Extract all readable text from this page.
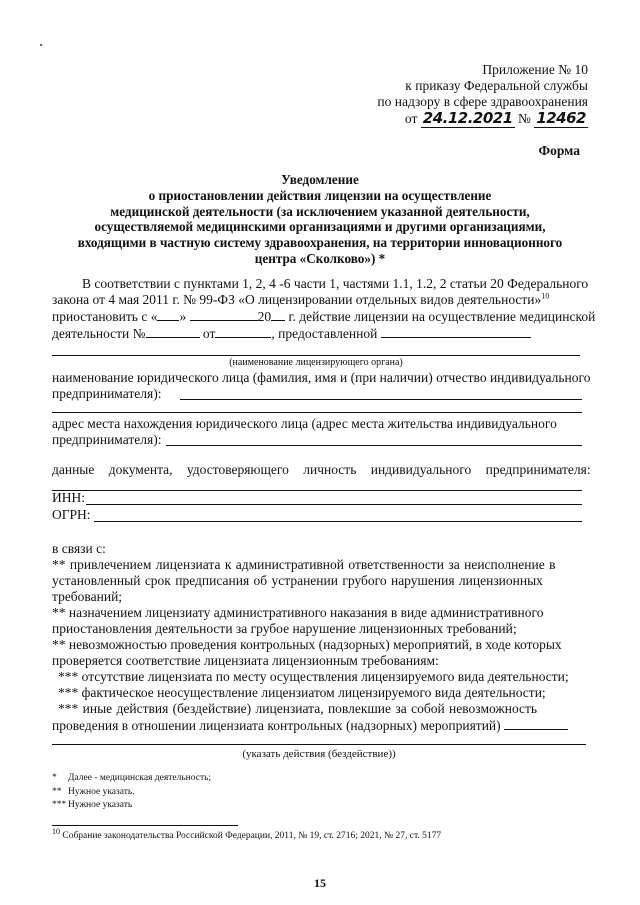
Приложение № 10
к приказу Федеральной службы
по надзору в сфере здравоохранения
от 24.12.2021 № 12462
Форма
Уведомление
о приостановлении действия лицензии на осуществление
медицинской деятельности (за исключением указанной деятельности,
осуществляемой медицинскими организациями и другими организациями,
входящими в частную систему здравоохранения, на территории инновационного
центра «Сколково») *
В соответствии с пунктами 1, 2, 4 -6 части 1, частями 1.1, 1.2, 2 статьи 20 Федерального
закона от 4 мая 2011 г. № 99-ФЗ «О лицензировании отдельных видов деятельности»$^{10}$
приостановить с « »	20 г. действие лицензии на осуществление медицинской
деятельности №	от	, предоставленной
(наименование лицензирующего органа)
наименование юридического лица (фамилия, имя и (при наличии) отчество индивидуального
предпринимателя):
адрес места нахождения юридического лица (адрес места жительства индивидуального
предпринимателя):
данные документа, удостоверяющего личность индивидуального предпринимателя:
ИНН:
ОГРН:
в связи с:
** привлечением лицензиата к административной ответственности за неисполнение в
установленный срок предписания об устранении грубого нарушения лицензионных
требований;
** назначением лицензиату административного наказания в виде административного
приостановления деятельности за грубое нарушение лицензионных требований;
** невозможностью проведения контрольных (надзорных) мероприятий, в ходе которых
проверяется соответствие лицензиата лицензионным требованиям:
*** отсутствие лицензиата по месту осуществления лицензируемого вида деятельности;
*** фактическое неосуществление лицензиатом лицензируемого вида деятельности;
*** иные действия (бездействие) лицензиата, повлекшие за собой невозможность
проведения в отношении лицензиата контрольных (надзорных) мероприятий)
(указать действия (бездействие))
* Далее - медицинская деятельность;
** Нужное указать.
*** Нужное указать
$^{10}$ Собрание законодательства Российской Федерации, 2011, № 19, ст. 2716; 2021, № 27, ст. 5177
15
